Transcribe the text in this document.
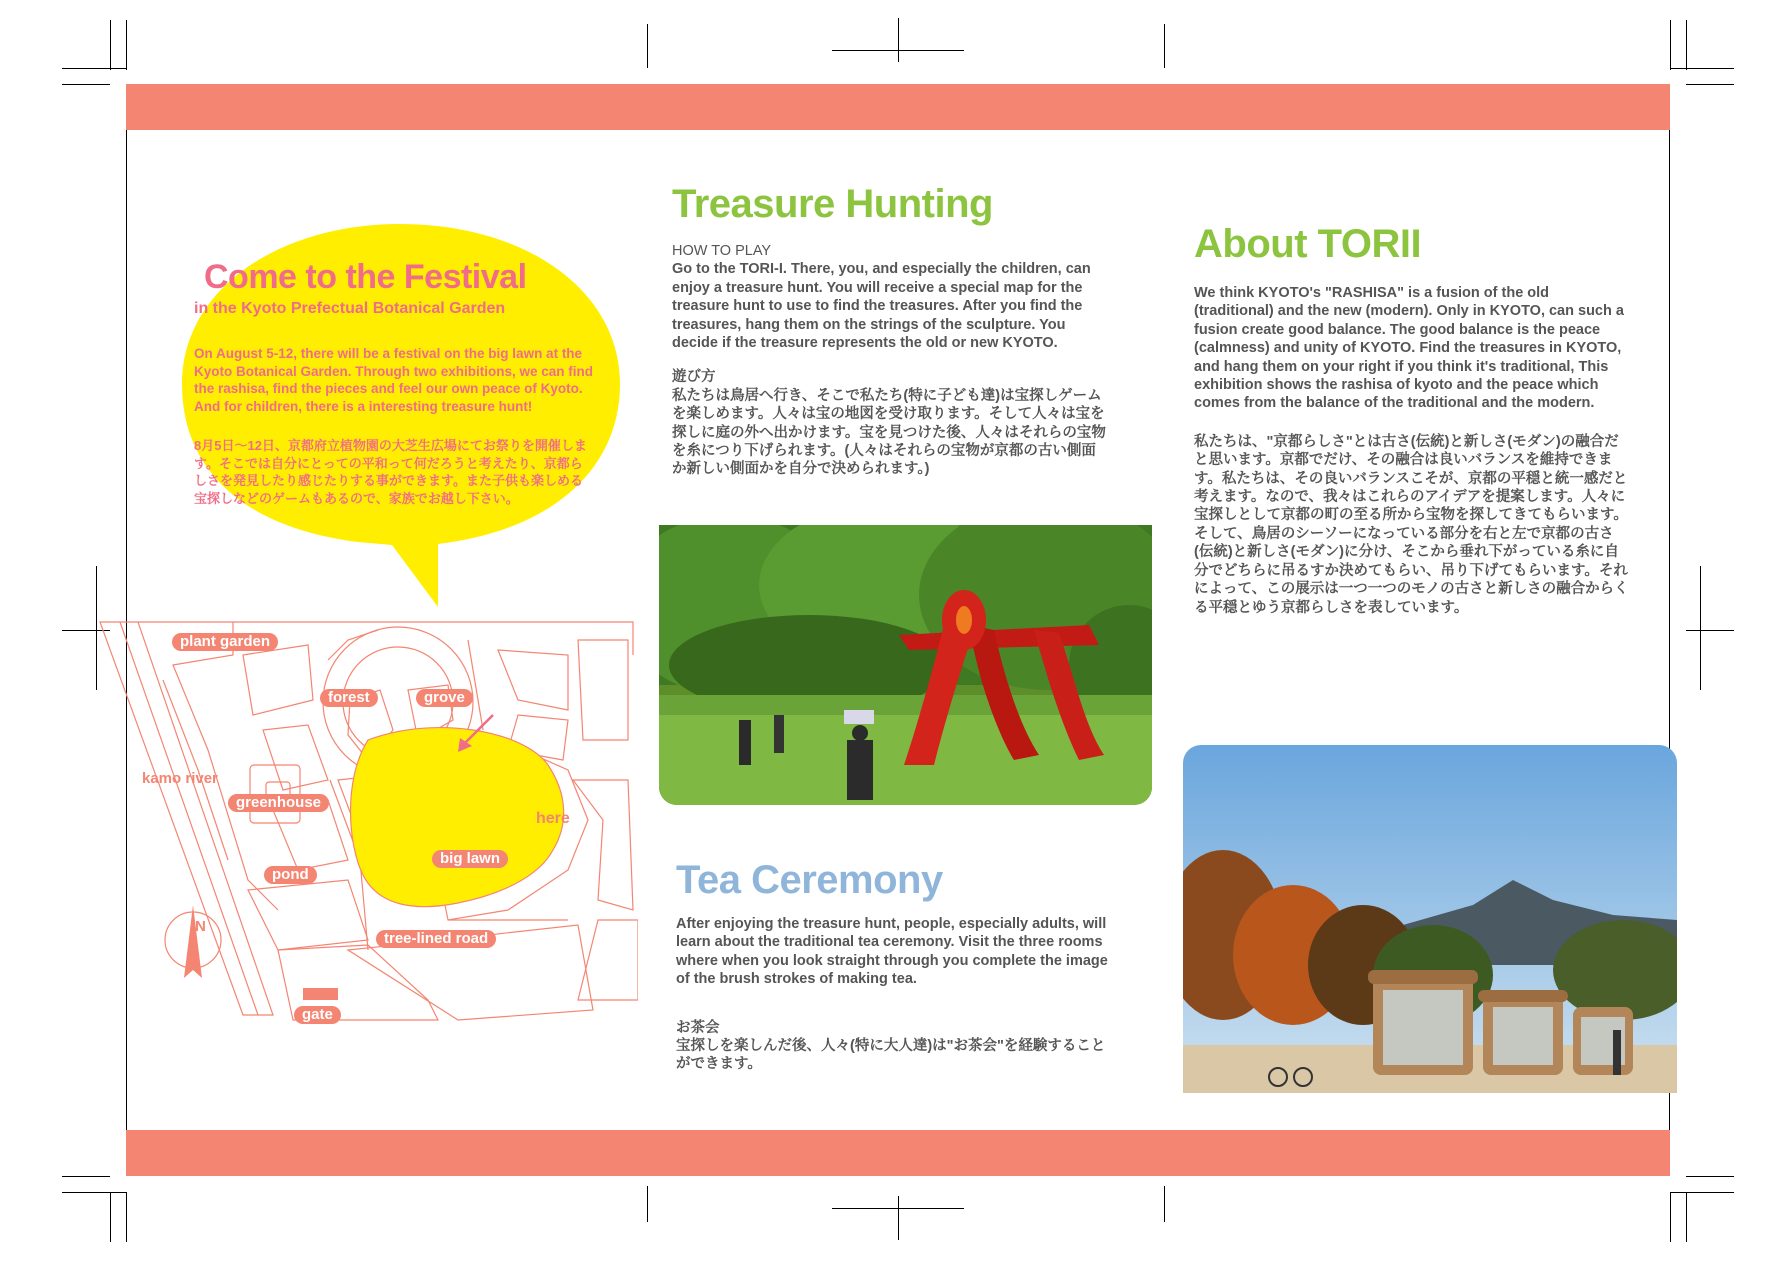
Come to the Festival
in the Kyoto Prefectual Botanical Garden
On August 5-12, there will be a festival on the big lawn at the Kyoto Botanical Garden. Through two exhibitions, we can find the rashisa, find the pieces and feel our own peace of Kyoto. And for children, there is a interesting treasure hunt!
8月5日〜12日、京都府立植物園の大芝生広場にてお祭りを開催します。そこでは自分にとっての平和って何だろうと考えたり、京都らしさを発見したり感じたりする事ができます。また子供も楽しめる宝探しなどのゲームもあるので、家族でお越し下さい。
plant garden
forest	grove
kamo river
greenhouse
here
big lawn
pond
N
tree-lined road
gate
Treasure Hunting
HOW TO PLAY
Go to the TORI-I. There, you, and especially the children, can enjoy a treasure hunt. You will receive a special map for the treasure hunt to use to find the treasures. After you find the treasures, hang them on the strings of the sculpture. You decide if the treasure represents the old or new KYOTO.
遊び方
私たちは鳥居へ行き、そこで私たち(特に子ども達)は宝探しゲームを楽しめます。人々は宝の地図を受け取ります。そして人々は宝を探しに庭の外へ出かけます。宝を見つけた後、人々はそれらの宝物を糸につり下げられます。(人々はそれらの宝物が京都の古い側面か新しい側面かを自分で決められます。)
Tea Ceremony
After enjoying the treasure hunt, people, especially adults, will learn about the traditional tea ceremony. Visit the three rooms where when you look straight through you complete the image of the brush strokes of making tea.
お茶会
宝探しを楽しんだ後、人々(特に大人達)は"お茶会"を経験することができます。
About TORII
We think KYOTO's "RASHISA" is a fusion of the old (traditional) and the new (modern). Only in KYOTO, can such a fusion create good balance. The good balance is the peace (calmness) and unity of KYOTO. Find the treasures in KYOTO, and hang them on your right if you think it's traditional, This exhibition shows the rashisa of kyoto and the peace which comes from the balance of the traditional and the modern.
私たちは、"京都らしさ"とは古さ(伝統)と新しさ(モダン)の融合だと思います。京都でだけ、その融合は良いバランスを維持できます。私たちは、その良いバランスこそが、京都の平穏と統一感だと考えます。なので、我々はこれらのアイデアを提案します。人々に宝探しとして京都の町の至る所から宝物を探してきてもらいます。そして、鳥居のシーソーになっている部分を右と左で京都の古さ(伝統)と新しさ(モダン)に分け、そこから垂れ下がっている糸に自分でどちらに吊るすか決めてもらい、吊り下げてもらいます。それによって、この展示は一つ一つのモノの古さと新しさの融合からくる平穏とゆう京都らしさを表しています。
